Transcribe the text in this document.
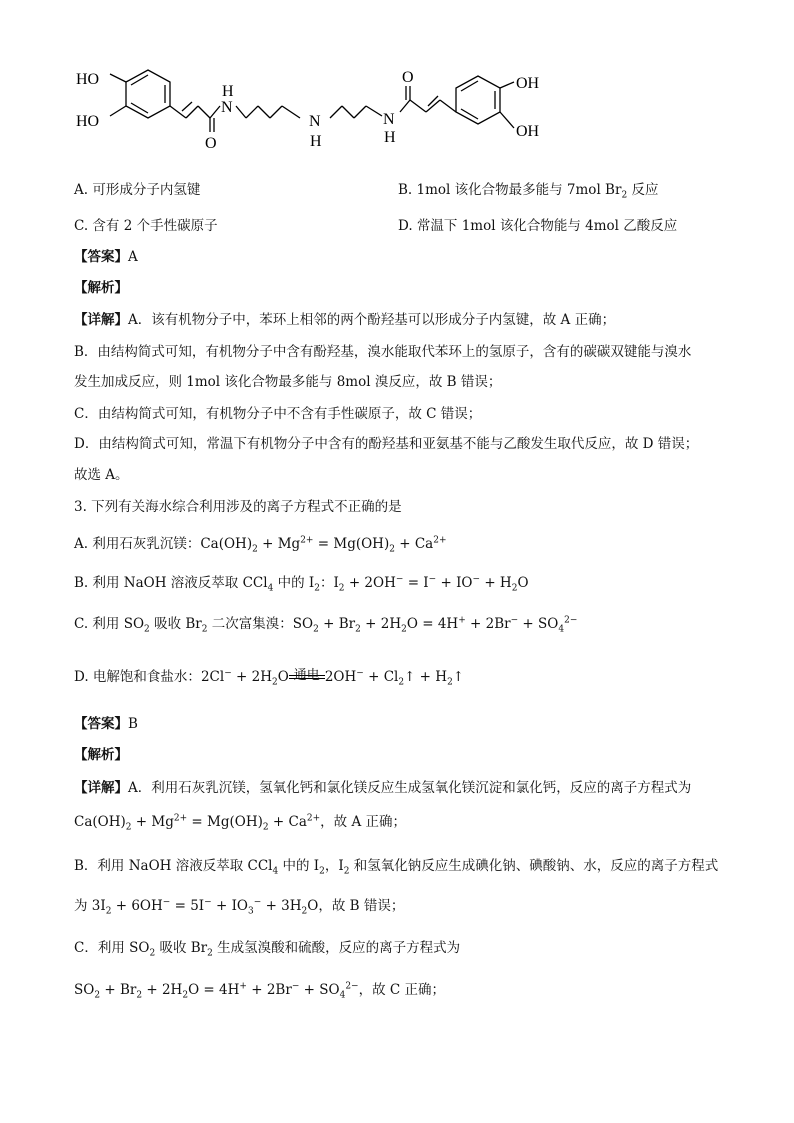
HO
HO
N
H
O
N
H
N
H
O	OH
OH
A. 可形成分子内氢键	B. 1mol 该化合物最多能与 7mol $Br_2$ 反应
C. 含有 2 个手性碳原子	D. 常温下 1mol 该化合物能与 4mol 乙酸反应
【答案】A
【解析】
【详解】A．该有机物分子中，苯环上相邻的两个酚羟基可以形成分子内氢键，故 A 正确；
B．由结构简式可知，有机物分子中含有酚羟基，溴水能取代苯环上的氢原子，含有的碳碳双键能与溴水
发生加成反应，则 1mol 该化合物最多能与 8mol 溴反应，故 B 错误；
C．由结构简式可知，有机物分子中不含有手性碳原子，故 C 错误；
D．由结构简式可知，常温下有机物分子中含有的酚羟基和亚氨基不能与乙酸发生取代反应，故 D 错误；
故选 A。
3. 下列有关海水综合利用涉及的离子方程式不正确的是
A. 利用石灰乳沉镁：$Ca(OH)_2 + Mg^{2+} = Mg(OH)_2 + Ca^{2+}$
B. 利用 NaOH 溶液反萃取 CCl$_4$ 中的 $I_2$：$I_2 + 2OH^- = I^- + IO^- + H_2O$
C. 利用 $SO_2$ 吸收 $Br_2$ 二次富集溴：$SO_2 + Br_2 + 2H_2O = 4H^+ + 2Br^- + SO_4^{2-}$
D. 电解饱和食盐水：$2Cl^- + 2H_2O$ 通电 $2OH^- + Cl_2↑$ + $H_2↑$
【答案】B
【解析】
【详解】A．利用石灰乳沉镁，氢氧化钙和氯化镁反应生成氢氧化镁沉淀和氯化钙，反应的离子方程式为
$Ca(OH)_2 + Mg^{2+} = Mg(OH)_2 + Ca^{2+}$，故 A 正确；
B．利用 NaOH 溶液反萃取 CCl$_4$ 中的 $I_2$，$I_2$ 和氢氧化钠反应生成碘化钠、碘酸钠、水，反应的离子方程式
为 $3I_2 + 6OH^- = 5I^- + IO_3^- + 3H_2O$，故 B 错误；
C．利用 $SO_2$ 吸收 $Br_2$ 生成氢溴酸和硫酸，反应的离子方程式为
$SO_2 + Br_2 + 2H_2O = 4H^+ + 2Br^- + SO_4^{2-}$，故 C 正确；
